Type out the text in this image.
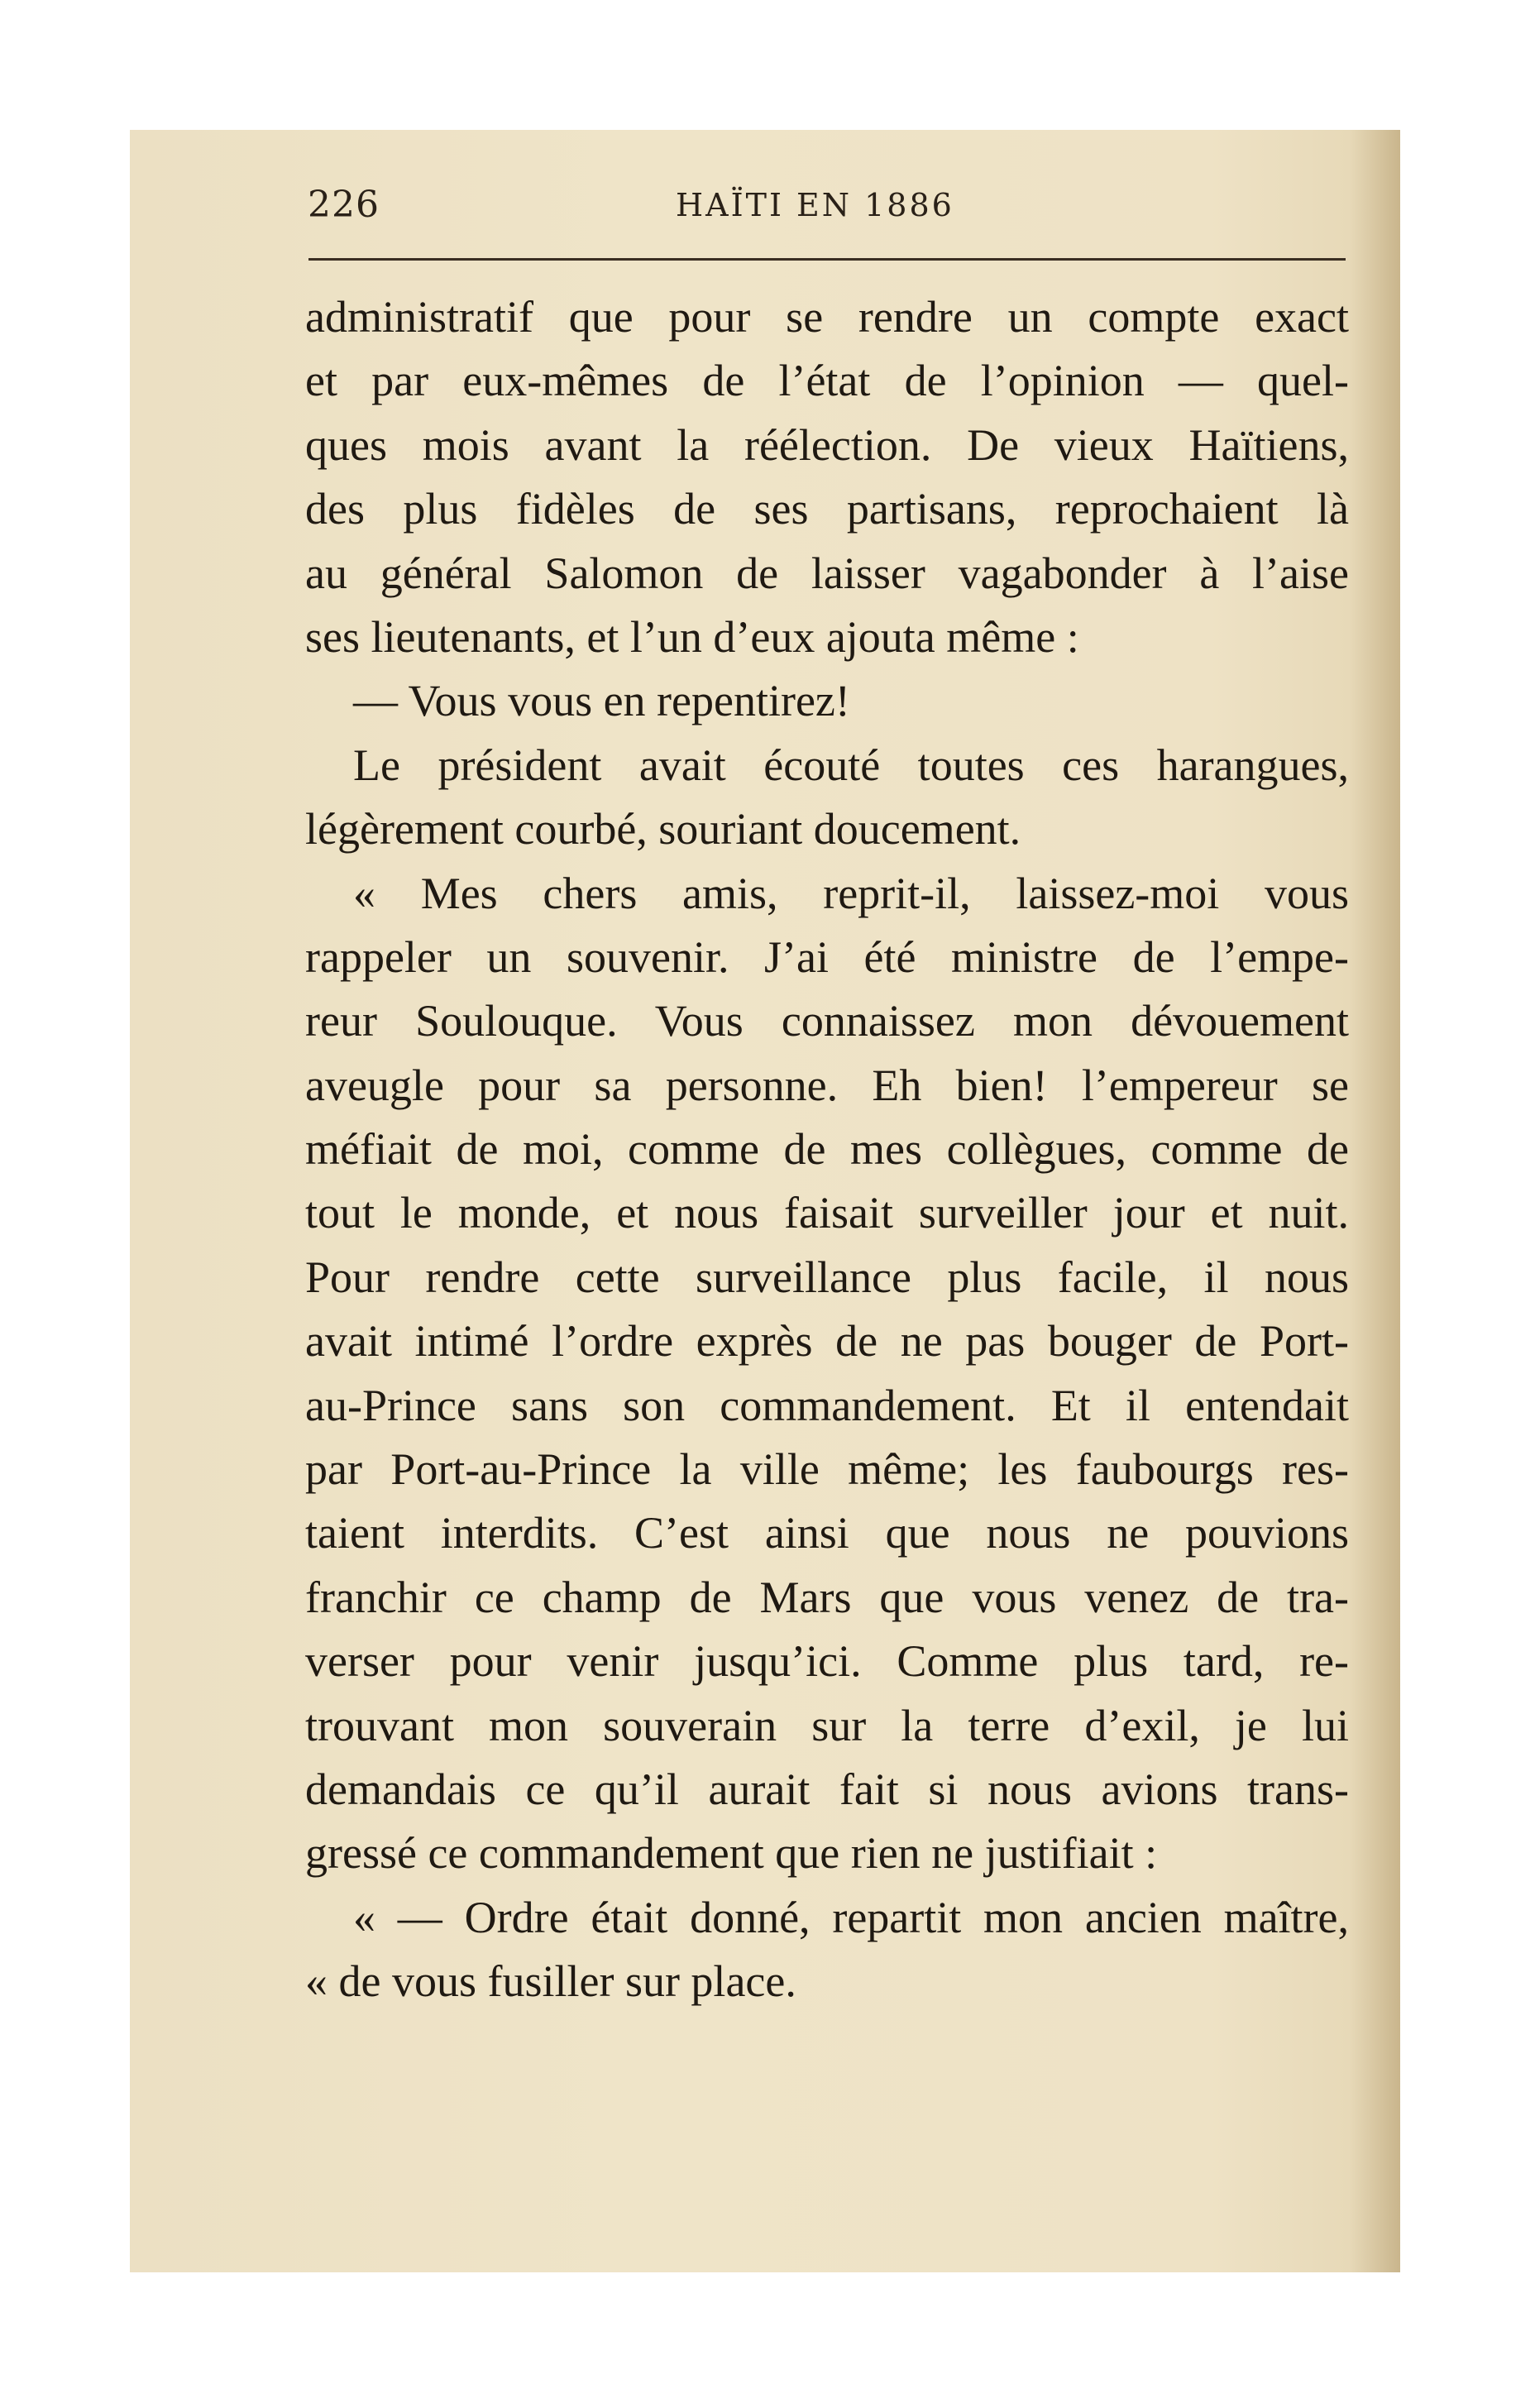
226	HAÏTI EN 1886
administratif que pour se rendre un compte exact
et par eux-mêmes de l’état de l’opinion — quel-
ques mois avant la réélection. De vieux Haïtiens,
des plus fidèles de ses partisans, reprochaient là
au général Salomon de laisser vagabonder à l’aise
ses lieutenants, et l’un d’eux ajouta même :
— Vous vous en repentirez!
Le président avait écouté toutes ces harangues,
légèrement courbé, souriant doucement.
« Mes chers amis, reprit-il, laissez-moi vous
rappeler un souvenir. J’ai été ministre de l’empe-
reur Soulouque. Vous connaissez mon dévouement
aveugle pour sa personne. Eh bien! l’empereur se
méfiait de moi, comme de mes collègues, comme de
tout le monde, et nous faisait surveiller jour et nuit.
Pour rendre cette surveillance plus facile, il nous
avait intimé l’ordre exprès de ne pas bouger de Port-
au-Prince sans son commandement. Et il entendait
par Port-au-Prince la ville même; les faubourgs res-
taient interdits. C’est ainsi que nous ne pouvions
franchir ce champ de Mars que vous venez de tra-
verser pour venir jusqu’ici. Comme plus tard, re-
trouvant mon souverain sur la terre d’exil, je lui
demandais ce qu’il aurait fait si nous avions trans-
gressé ce commandement que rien ne justifiait :
« — Ordre était donné, repartit mon ancien maître,
« de vous fusiller sur place.
